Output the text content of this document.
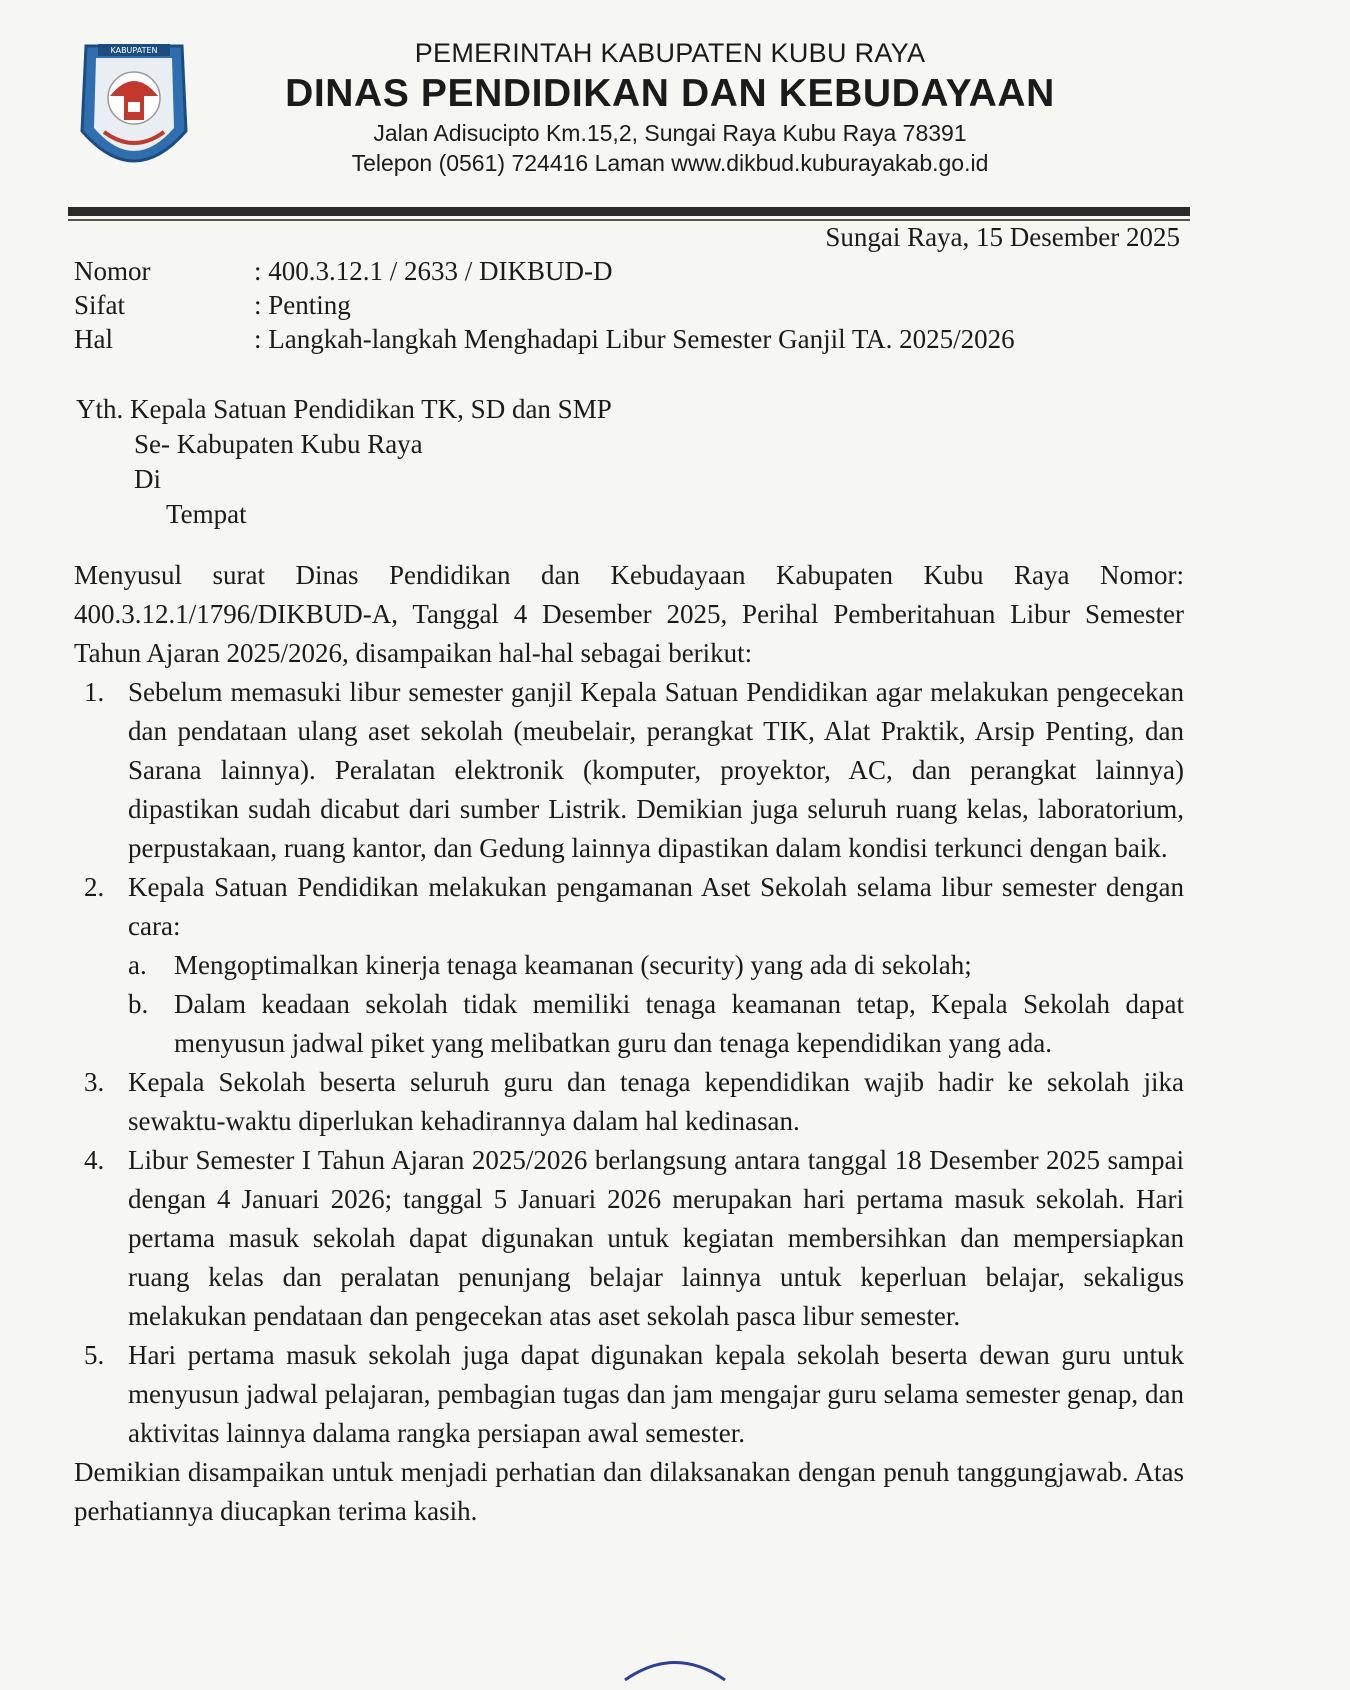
KABUPATEN	PEMERINTAH KABUPATEN KUBU RAYA
DINAS PENDIDIKAN DAN KEBUDAYAAN
Jalan Adisucipto Km.15,2, Sungai Raya Kubu Raya 78391
Telepon (0561) 724416 Laman www.dikbud.kuburayakab.go.id
Sungai Raya, 15 Desember 2025
Nomor	: 400.3.12.1 / 2633 / DIKBUD-D
Sifat	: Penting
Hal	: Langkah-langkah Menghadapi Libur Semester Ganjil TA. 2025/2026
Yth. Kepala Satuan Pendidikan TK, SD dan SMP
Se- Kabupaten Kubu Raya
Di
Tempat

Menyusul surat Dinas Pendidikan dan Kebudayaan Kabupaten Kubu Raya Nomor: 400.3.12.1/1796/DIKBUD-A, Tanggal 4 Desember 2025, Perihal Pemberitahuan Libur Semester Tahun Ajaran 2025/2026, disampaikan hal-hal sebagai berikut:

1. Sebelum memasuki libur semester ganjil Kepala Satuan Pendidikan agar melakukan pengecekan dan pendataan ulang aset sekolah (meubelair, perangkat TIK, Alat Praktik, Arsip Penting, dan Sarana lainnya). Peralatan elektronik (komputer, proyektor, AC, dan perangkat lainnya) dipastikan sudah dicabut dari sumber Listrik. Demikian juga seluruh ruang kelas, laboratorium, perpustakaan, ruang kantor, dan Gedung lainnya dipastikan dalam kondisi terkunci dengan baik.
2. Kepala Satuan Pendidikan melakukan pengamanan Aset Sekolah selama libur semester dengan cara:
a. Mengoptimalkan kinerja tenaga keamanan (security) yang ada di sekolah;
b. Dalam keadaan sekolah tidak memiliki tenaga keamanan tetap, Kepala Sekolah dapat menyusun jadwal piket yang melibatkan guru dan tenaga kependidikan yang ada.
3. Kepala Sekolah beserta seluruh guru dan tenaga kependidikan wajib hadir ke sekolah jika sewaktu-waktu diperlukan kehadirannya dalam hal kedinasan.
4. Libur Semester I Tahun Ajaran 2025/2026 berlangsung antara tanggal 18 Desember 2025 sampai dengan 4 Januari 2026; tanggal 5 Januari 2026 merupakan hari pertama masuk sekolah. Hari pertama masuk sekolah dapat digunakan untuk kegiatan membersihkan dan mempersiapkan ruang kelas dan peralatan penunjang belajar lainnya untuk keperluan belajar, sekaligus melakukan pendataan dan pengecekan atas aset sekolah pasca libur semester.
5. Hari pertama masuk sekolah juga dapat digunakan kepala sekolah beserta dewan guru untuk menyusun jadwal pelajaran, pembagian tugas dan jam mengajar guru selama semester genap, dan aktivitas lainnya dalama rangka persiapan awal semester.

Demikian disampaikan untuk menjadi perhatian dan dilaksanakan dengan penuh tanggungjawab. Atas perhatiannya diucapkan terima kasih.
